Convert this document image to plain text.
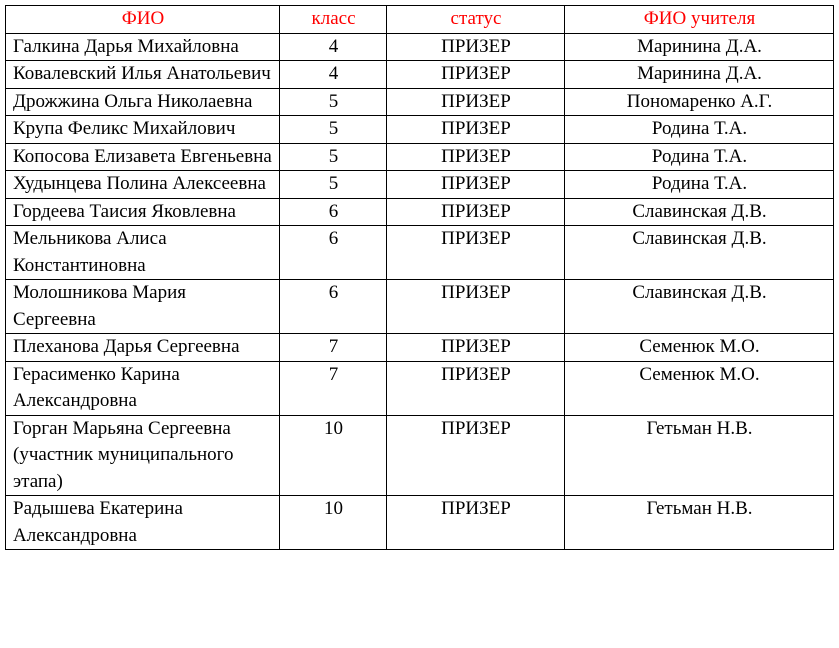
ФИО	класс	статус	ФИО учителя
Галкина Дарья Михайловна	4	ПРИЗЕР	Маринина Д.А.
Ковалевский Илья Анатольевич	4	ПРИЗЕР	Маринина Д.А.
Дрожжина Ольга Николаевна	5	ПРИЗЕР	Пономаренко А.Г.
Крупа Феликс Михайлович	5	ПРИЗЕР	Родина Т.А.
Копосова Елизавета Евгеньевна	5	ПРИЗЕР	Родина Т.А.
Худынцева Полина Алексеевна	5	ПРИЗЕР	Родина Т.А.
Гордеева Таисия Яковлевна	6	ПРИЗЕР	Славинская Д.В.
Мельникова Алиса Константиновна	6	ПРИЗЕР	Славинская Д.В.
Молошникова Мария Сергеевна	6	ПРИЗЕР	Славинская Д.В.
Плеханова Дарья Сергеевна	7	ПРИЗЕР	Семенюк М.О.
Герасименко Карина Александровна	7	ПРИЗЕР	Семенюк М.О.
Горган Марьяна Сергеевна (участник муниципального этапа)	10	ПРИЗЕР	Гетьман Н.В.
Радышева Екатерина Александровна	10	ПРИЗЕР	Гетьман Н.В.
